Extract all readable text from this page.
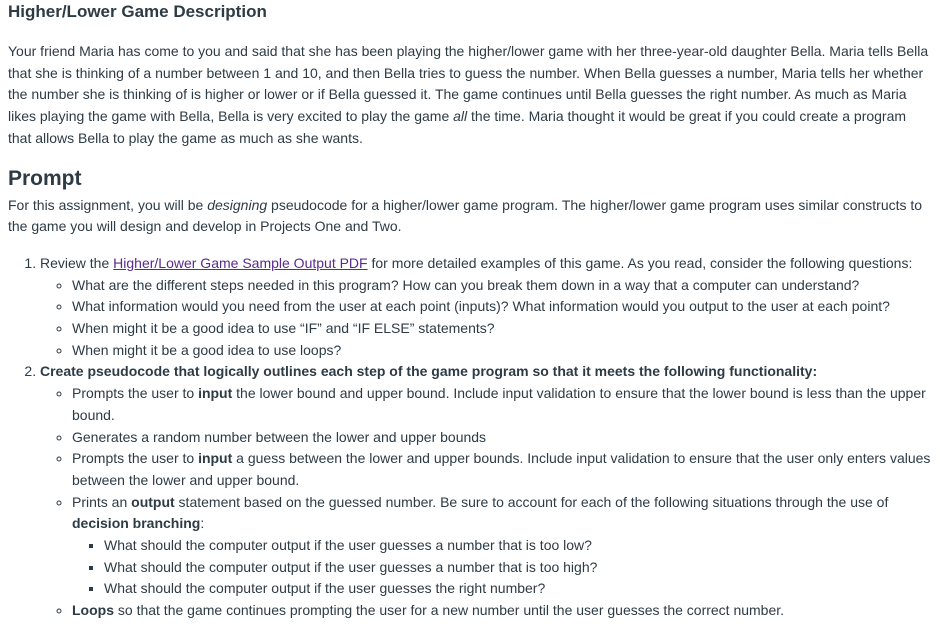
Higher/Lower Game Description

Your friend Maria has come to you and said that she has been playing the higher/lower game with her three-year-old daughter Bella. Maria tells Bella that she is thinking of a number between 1 and 10, and then Bella tries to guess the number. When Bella guesses a number, Maria tells her whether the number she is thinking of is higher or lower or if Bella guessed it. The game continues until Bella guesses the right number. As much as Maria likes playing the game with Bella, Bella is very excited to play the game all the time. Maria thought it would be great if you could create a program that allows Bella to play the game as much as she wants.

Prompt

For this assignment, you will be designing pseudocode for a higher/lower game program. The higher/lower game program uses similar constructs to the game you will design and develop in Projects One and Two.

1. Review the Higher/Lower Game Sample Output PDF for more detailed examples of this game. As you read, consider the following questions:
◦ What are the different steps needed in this program? How can you break them down in a way that a computer can understand?
◦ What information would you need from the user at each point (inputs)? What information would you output to the user at each point?
◦ When might it be a good idea to use “IF” and “IF ELSE” statements?
◦ When might it be a good idea to use loops?
2. Create pseudocode that logically outlines each step of the game program so that it meets the following functionality:
◦ Prompts the user to input the lower bound and upper bound. Include input validation to ensure that the lower bound is less than the upper bound.
◦ Generates a random number between the lower and upper bounds
◦ Prompts the user to input a guess between the lower and upper bounds. Include input validation to ensure that the user only enters values between the lower and upper bound.
◦ Prints an output statement based on the guessed number. Be sure to account for each of the following situations through the use of decision branching:
▪ What should the computer output if the user guesses a number that is too low?
▪ What should the computer output if the user guesses a number that is too high?
▪ What should the computer output if the user guesses the right number?
◦ Loops so that the game continues prompting the user for a new number until the user guesses the correct number.
